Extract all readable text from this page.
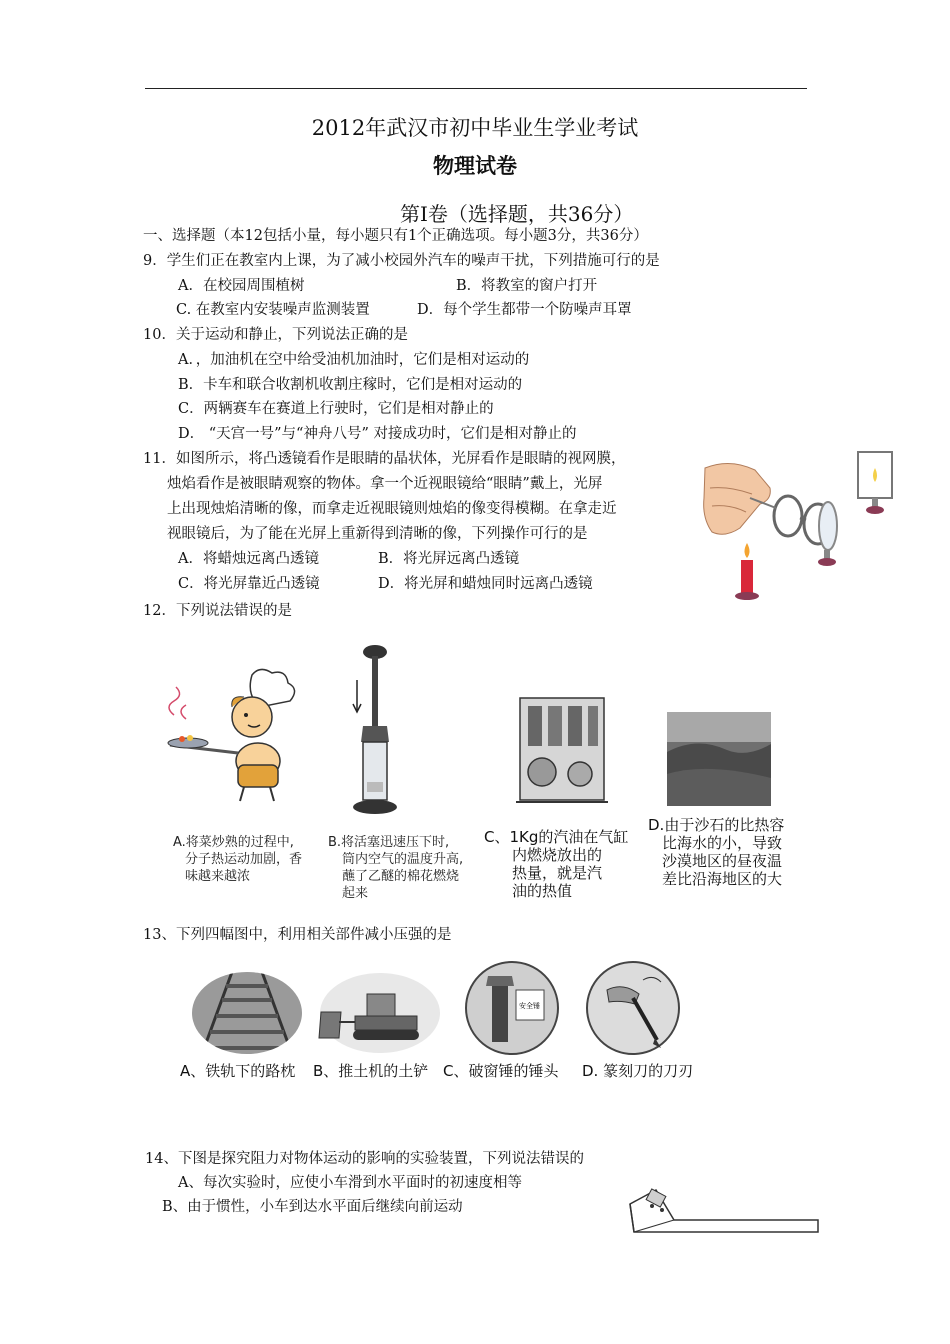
2012年武汉市初中毕业生学业考试
物理试卷
第Ⅰ卷（选择题，共36分）
一、选择题（本12包括小量，每小题只有1个正确选项。每小题3分，共36分）
9．学生们正在教室内上课，为了减小校园外汽车的噪声干扰，下列措施可行的是
A．在校园周围植树	B．将教室的窗户打开
C. 在教室内安装噪声监测装置	D．每个学生都带一个防噪声耳罩
10．关于运动和静止，下列说法正确的是
A．，加油机在空中给受油机加油时，它们是相对运动的
B．卡车和联合收割机收割庄稼时，它们是相对运动的
C．两辆赛车在赛道上行驶时，它们是相对静止的
D． “天宫一号”与“神舟八号” 对接成功时，它们是相对静止的
11．如图所示，将凸透镜看作是眼睛的晶状体，光屏看作是眼睛的视网膜，
烛焰看作是被眼睛观察的物体。拿一个近视眼镜给“眼睛”戴上，光屏
上出现烛焰清晰的像，而拿走近视眼镜则烛焰的像变得模糊。在拿走近
视眼镜后，为了能在光屏上重新得到清晰的像，下列操作可行的是
A．将蜡烛远离凸透镜	B．将光屏远离凸透镜
C．将光屏靠近凸透镜	D．将光屏和蜡烛同时远离凸透镜
12．下列说法错误的是
A.将菜炒熟的过程中,
分子热运动加剧，香
味越来越浓
B.将活塞迅速压下时,
筒内空气的温度升高,
蘸了乙醚的棉花燃烧
起来
C、1Kg的汽油在气缸
内燃烧放出的
热量，就是汽
油的热值
D.由于沙石的比热容
比海水的小，导致
沙漠地区的昼夜温
差比沿海地区的大
13、下列四幅图中，利用相关部件减小压强的是
安全锤
A、铁轨下的路枕 B、推土机的土铲 C、破窗锤的锤头 D. 篆刻刀的刀刃
14、下图是探究阻力对物体运动的影响的实验装置，下列说法错误的
A、每次实验时，应使小车滑到水平面时的初速度相等
B、由于惯性，小车到达水平面后继续向前运动
